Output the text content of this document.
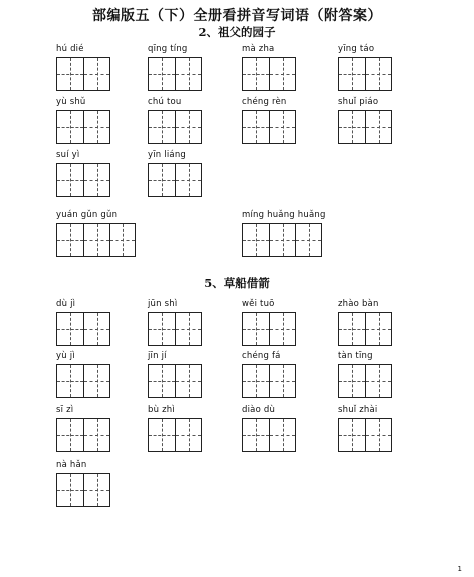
部编版五（下）全册看拼音写词语（附答案）
2、祖父的园子
5、草船借箭
hú dié	qīng tíng	mà zha	yīng táo
yù shǔ	chú tou	chéng rèn	shuǐ piáo
suí yì	yīn liáng
yuán gǔn gǔn	míng huǎng huǎng
dù jì	jūn shì	wěi tuō	zhào bàn
yù jì	jīn jí	chéng fá	tàn tīng
sī zì	bù zhì	diào dù	shuǐ zhài
nà hǎn
1
